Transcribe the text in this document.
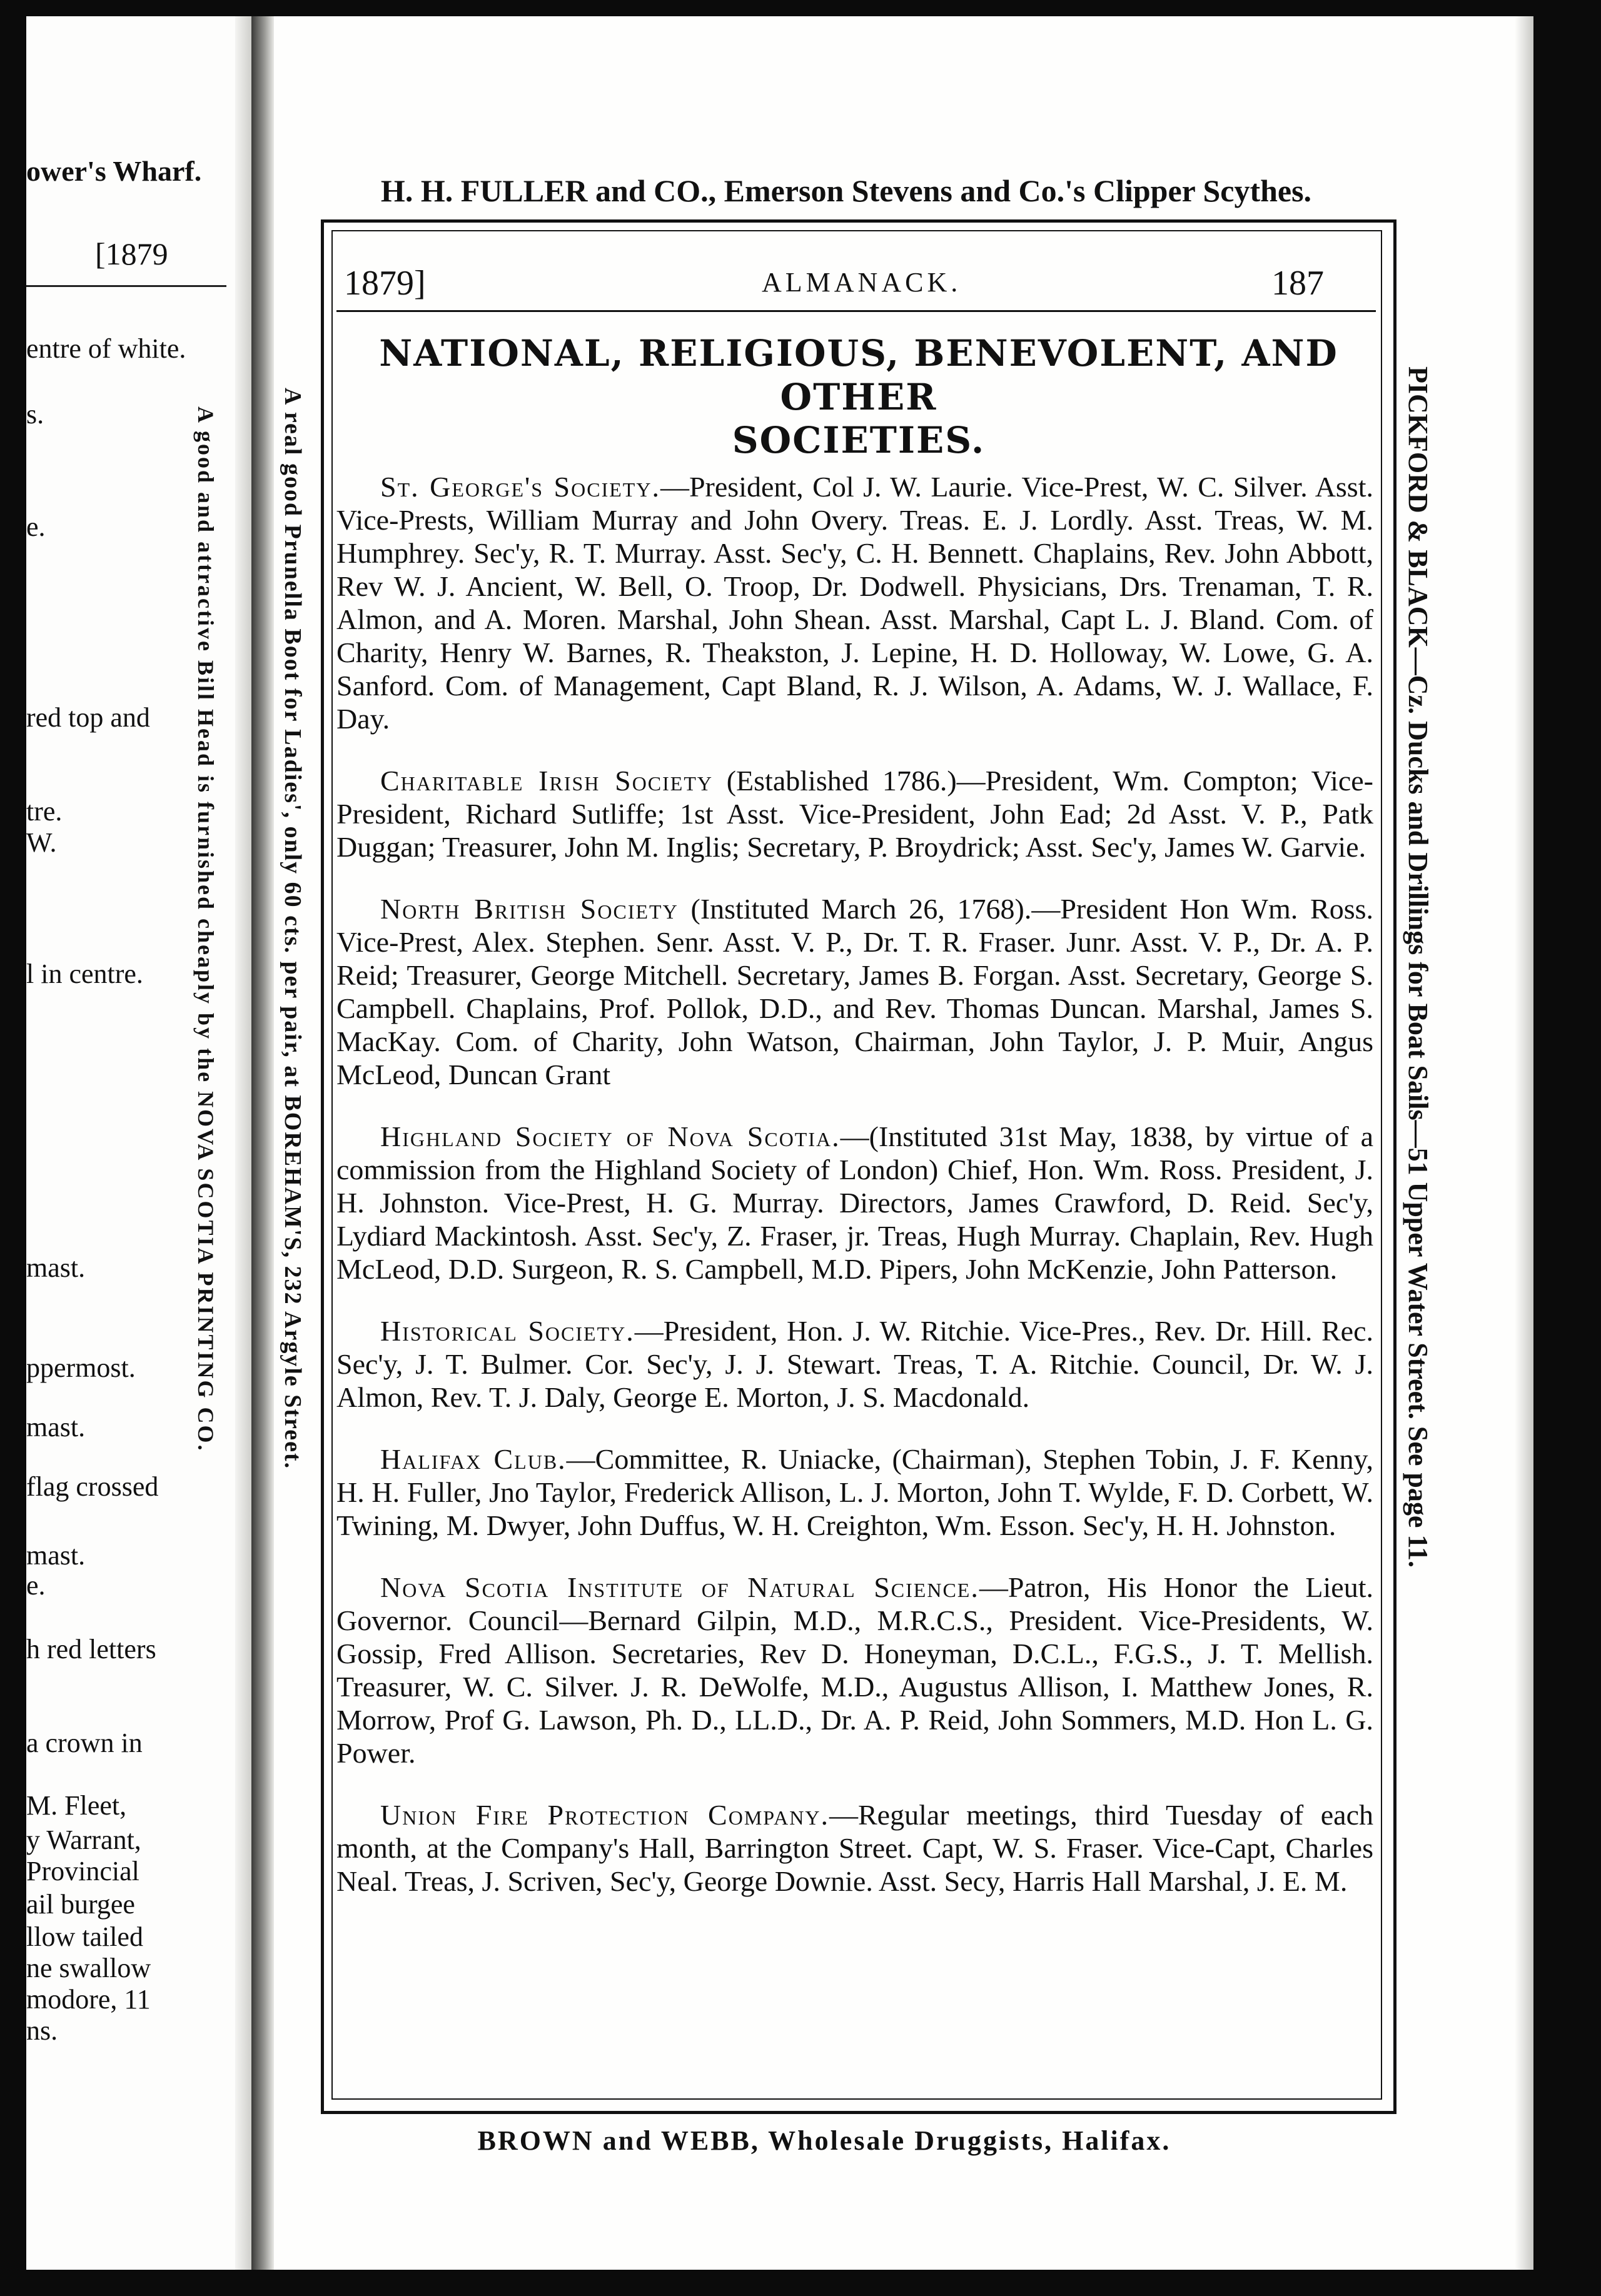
ower's Wharf.
[1879
entre of white.
s.
e.
red top and
tre.
W.
l in centre.
mast.
ppermost.
mast.
flag crossed
mast.
e.
h red letters
a crown in
M. Fleet,
y Warrant,
Provincial
ail burgee
llow tailed
ne swallow
modore, 11
ns.
A good and attractive Bill Head is furnished cheaply by the NOVA SCOTIA PRINTING CO.
H. H. FULLER and CO., Emerson Stevens and Co.'s Clipper Scythes.
1879]	ALMANACK.	187
NATIONAL, RELIGIOUS, BENEVOLENT, AND OTHER
SOCIETIES.

St. George's Society.—President, Col J. W. Laurie. Vice-Prest, W. C. Silver. Asst. Vice-Prests, William Murray and John Overy. Treas. E. J. Lordly. Asst. Treas, W. M. Humphrey. Sec'y, R. T. Murray. Asst. Sec'y, C. H. Bennett. Chaplains, Rev. John Abbott, Rev W. J. Ancient, W. Bell, O. Troop, Dr. Dodwell. Physicians, Drs. Trenaman, T. R. Almon, and A. Moren. Marshal, John Shean. Asst. Marshal, Capt L. J. Bland. Com. of Charity, Henry W. Barnes, R. Theakston, J. Lepine, H. D. Holloway, W. Lowe, G. A. Sanford. Com. of Management, Capt Bland, R. J. Wilson, A. Adams, W. J. Wallace, F. Day.

Charitable Irish Society (Established 1786.)—President, Wm. Compton; Vice-President, Richard Sutliffe; 1st Asst. Vice-President, John Ead; 2d Asst. V. P., Patk Duggan; Treasurer, John M. Inglis; Secretary, P. Broydrick; Asst. Sec'y, James W. Garvie.

North British Society (Instituted March 26, 1768).—President Hon Wm. Ross. Vice-Prest, Alex. Stephen. Senr. Asst. V. P., Dr. T. R. Fraser. Junr. Asst. V. P., Dr. A. P. Reid; Treasurer, George Mitchell. Secretary, James B. Forgan. Asst. Secretary, George S. Campbell. Chaplains, Prof. Pollok, D.D., and Rev. Thomas Duncan. Marshal, James S. MacKay. Com. of Charity, John Watson, Chairman, John Taylor, J. P. Muir, Angus McLeod, Duncan Grant

Highland Society of Nova Scotia.—(Instituted 31st May, 1838, by virtue of a commission from the Highland Society of London) Chief, Hon. Wm. Ross. President, J. H. Johnston. Vice-Prest, H. G. Murray. Directors, James Crawford, D. Reid. Sec'y, Lydiard Mackintosh. Asst. Sec'y, Z. Fraser, jr. Treas, Hugh Murray. Chaplain, Rev. Hugh McLeod, D.D. Surgeon, R. S. Campbell, M.D. Pipers, John McKenzie, John Patterson.

Historical Society.—President, Hon. J. W. Ritchie. Vice-Pres., Rev. Dr. Hill. Rec. Sec'y, J. T. Bulmer. Cor. Sec'y, J. J. Stewart. Treas, T. A. Ritchie. Council, Dr. W. J. Almon, Rev. T. J. Daly, George E. Morton, J. S. Macdonald.

Halifax Club.—Committee, R. Uniacke, (Chairman), Stephen Tobin, J. F. Kenny, H. H. Fuller, Jno Taylor, Frederick Allison, L. J. Morton, John T. Wylde, F. D. Corbett, W. Twining, M. Dwyer, John Duffus, W. H. Creighton, Wm. Esson. Sec'y, H. H. Johnston.

Nova Scotia Institute of Natural Science.—Patron, His Honor the Lieut. Governor. Council—Bernard Gilpin, M.D., M.R.C.S., President. Vice-Presidents, W. Gossip, Fred Allison. Secretaries, Rev D. Honeyman, D.C.L., F.G.S., J. T. Mellish. Treasurer, W. C. Silver. J. R. DeWolfe, M.D., Augustus Allison, I. Matthew Jones, R. Morrow, Prof G. Lawson, Ph. D., LL.D., Dr. A. P. Reid, John Sommers, M.D. Hon L. G. Power.

Union Fire Protection Company.—Regular meetings, third Tuesday of each month, at the Company's Hall, Barrington Street. Capt, W. S. Fraser. Vice-Capt, Charles Neal. Treas, J. Scriven, Sec'y, George Downie. Asst. Secy, Harris Hall Marshal, J. E. M.

PICKFORD & BLACK—Cz. Ducks and Drillings for Boat Sails—51 Upper Water Street. See page 11.
BROWN and WEBB, Wholesale Druggists, Halifax.
A real good Prunella Boot for Ladies', only 60 cts. per pair, at BOREHAM'S, 232 Argyle Street.
